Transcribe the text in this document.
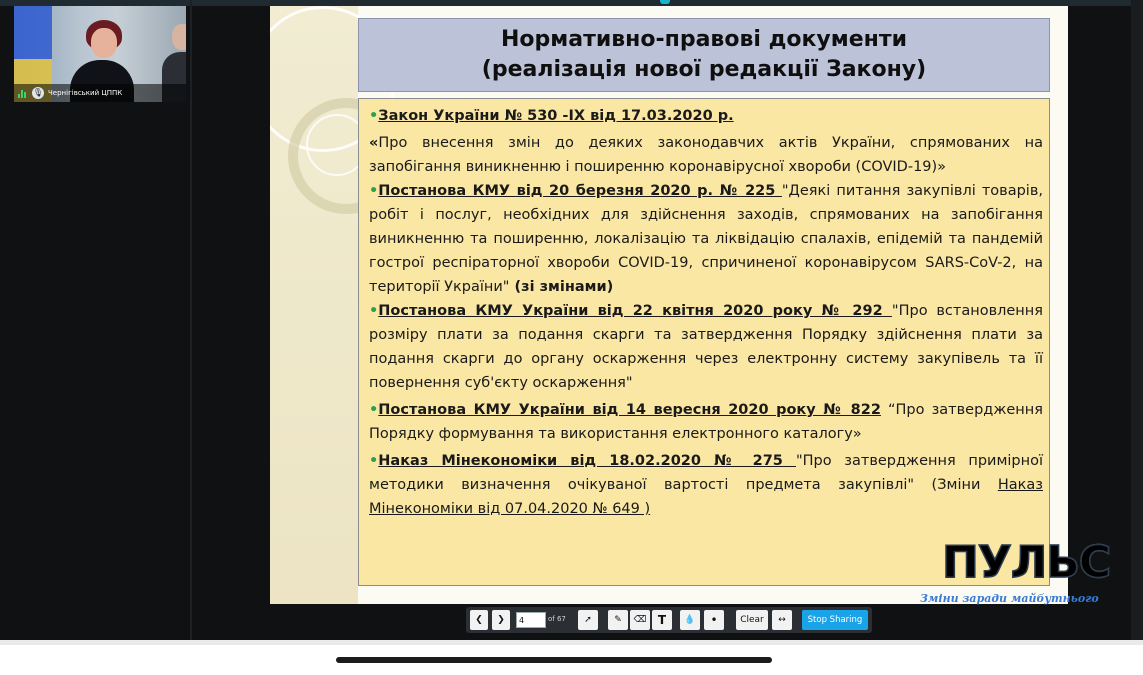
🎙 Чернігівський ЦППК
Нормативно-правові документи
(реалізація нової редакції Закону)

•Закон України № 530 -ІХ від 17.03.2020 р.

«Про внесення змін до деяких законодавчих актів України, спрямованих на запобігання виникненню і поширенню коронавірусної хвороби (COVID-19)»

•Постанова КМУ від 20 березня 2020 р. № 225 "Деякі питання закупівлі товарів, робіт і послуг, необхідних для здійснення заходів, спрямованих на запобігання виникненню та поширенню, локалізацію та ліквідацію спалахів, епідемій та пандемій гострої респіраторної хвороби COVID-19, спричиненої коронавірусом SARS-CoV-2, на території України" (зі змінами)

•Постанова КМУ України від 22 квітня 2020 року № 292 "Про встановлення розміру плати за подання скарги та затвердження Порядку здійснення плати за подання скарги до органу оскарження через електронну систему закупівель та її повернення суб'єкту оскарження"

•Постанова КМУ України від 14 вересня 2020 року № 822 “Про затвердження Порядку формування та використання електронного каталогу»

•Наказ Мінекономіки від 18.02.2020 № 275 "Про затвердження примірної методики визначення очікуваної вартості предмета закупівлі" (Зміни Наказ Мінекономіки від 07.04.2020 № 649 )

ПУЛЬС
Зміни заради майбутнього
❮	❯
4	of 67	➚	✎	⌫ T	💧	•	Clear	↔	Stop Sharing
